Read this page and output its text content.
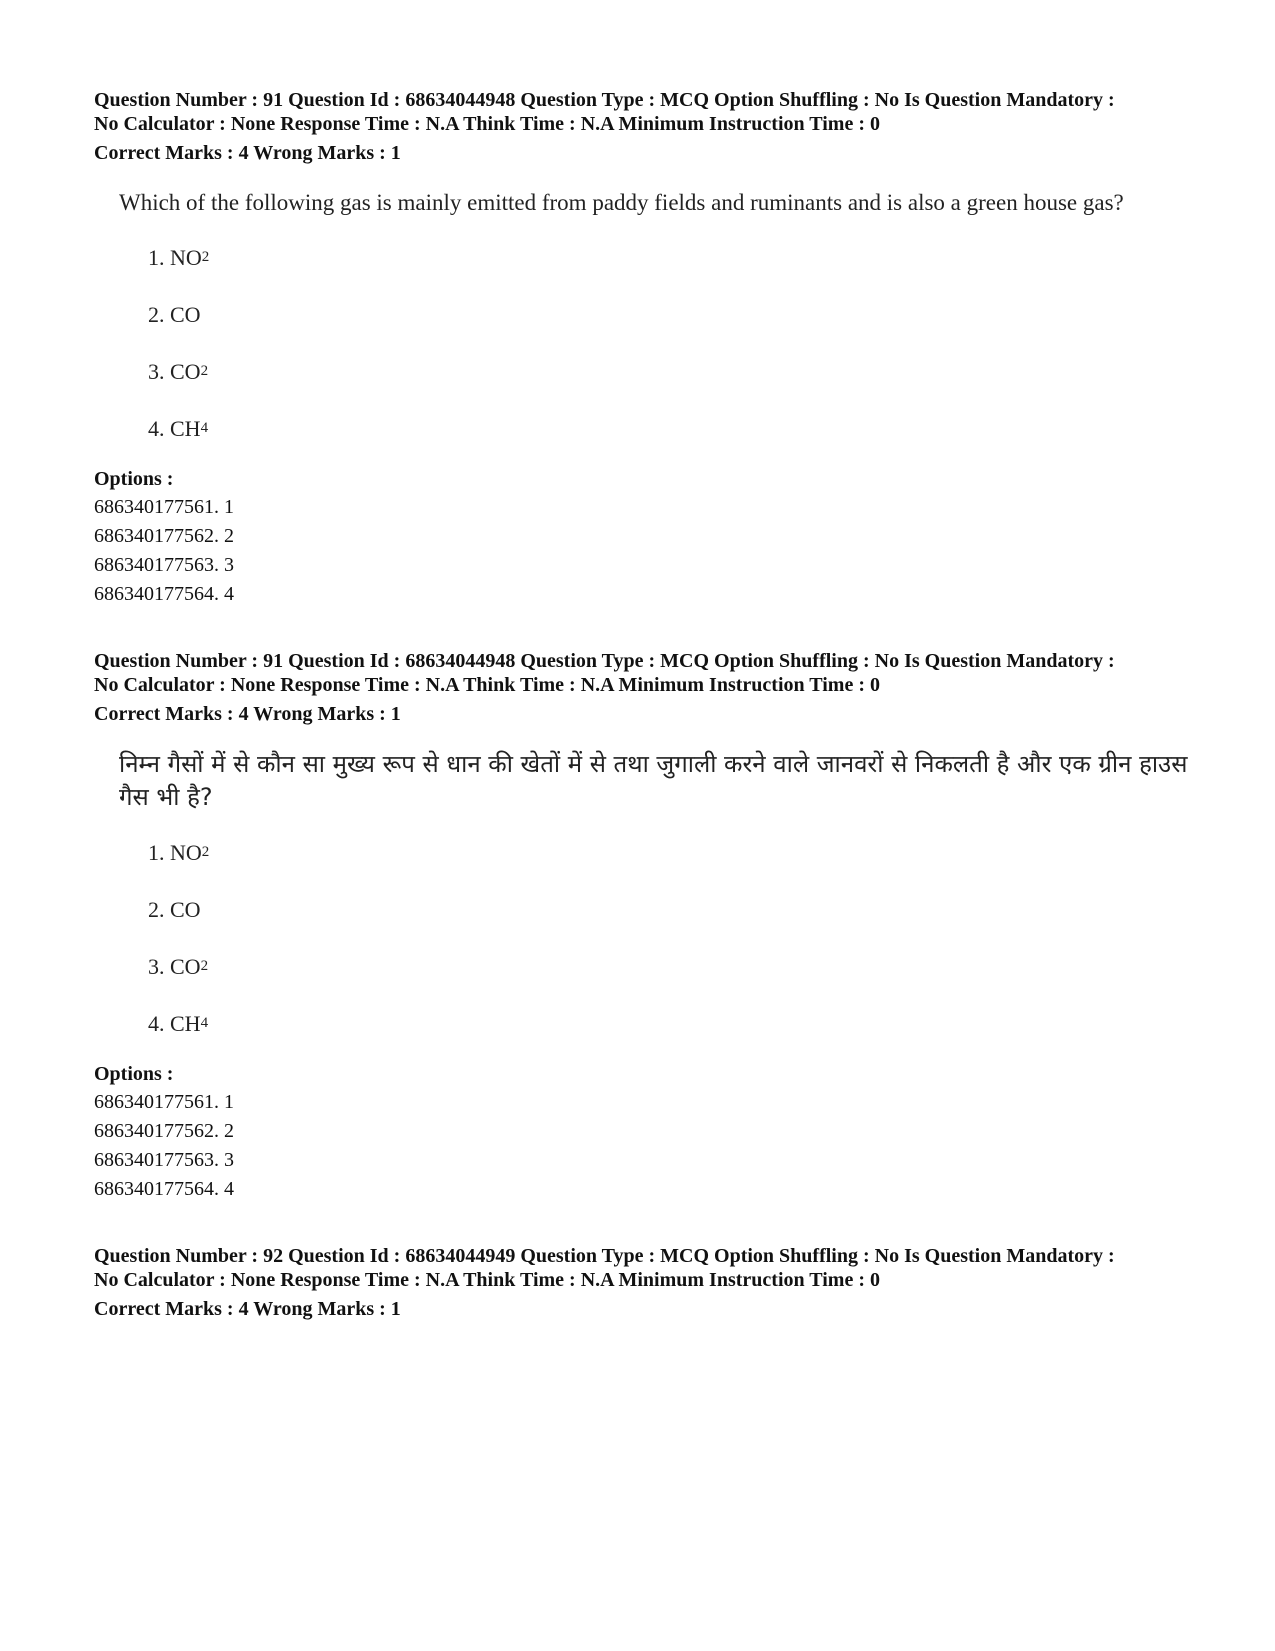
Question Number : 91 Question Id : 68634044948 Question Type : MCQ Option Shuffling : No Is Question Mandatory :
No Calculator : None Response Time : N.A Think Time : N.A Minimum Instruction Time : 0
Correct Marks : 4 Wrong Marks : 1
Which of the following gas is mainly emitted from paddy fields and ruminants and is also a green house gas?
1. NO 2
2. CO
3. CO 2
4. CH 4
Options :
686340177561. 1
686340177562. 2
686340177563. 3
686340177564. 4
Question Number : 91 Question Id : 68634044948 Question Type : MCQ Option Shuffling : No Is Question Mandatory :
No Calculator : None Response Time : N.A Think Time : N.A Minimum Instruction Time : 0
Correct Marks : 4 Wrong Marks : 1
निम्न गैसों में से कौन सा मुख्य रूप से धान की खेतों में से तथा जुगाली करने वाले जानवरों से निकलती है और एक ग्रीन हाउस गैस भी है?
1. NO 2
2. CO
3. CO 2
4. CH 4
Options :
686340177561. 1
686340177562. 2
686340177563. 3
686340177564. 4
Question Number : 92 Question Id : 68634044949 Question Type : MCQ Option Shuffling : No Is Question Mandatory :
No Calculator : None Response Time : N.A Think Time : N.A Minimum Instruction Time : 0
Correct Marks : 4 Wrong Marks : 1
